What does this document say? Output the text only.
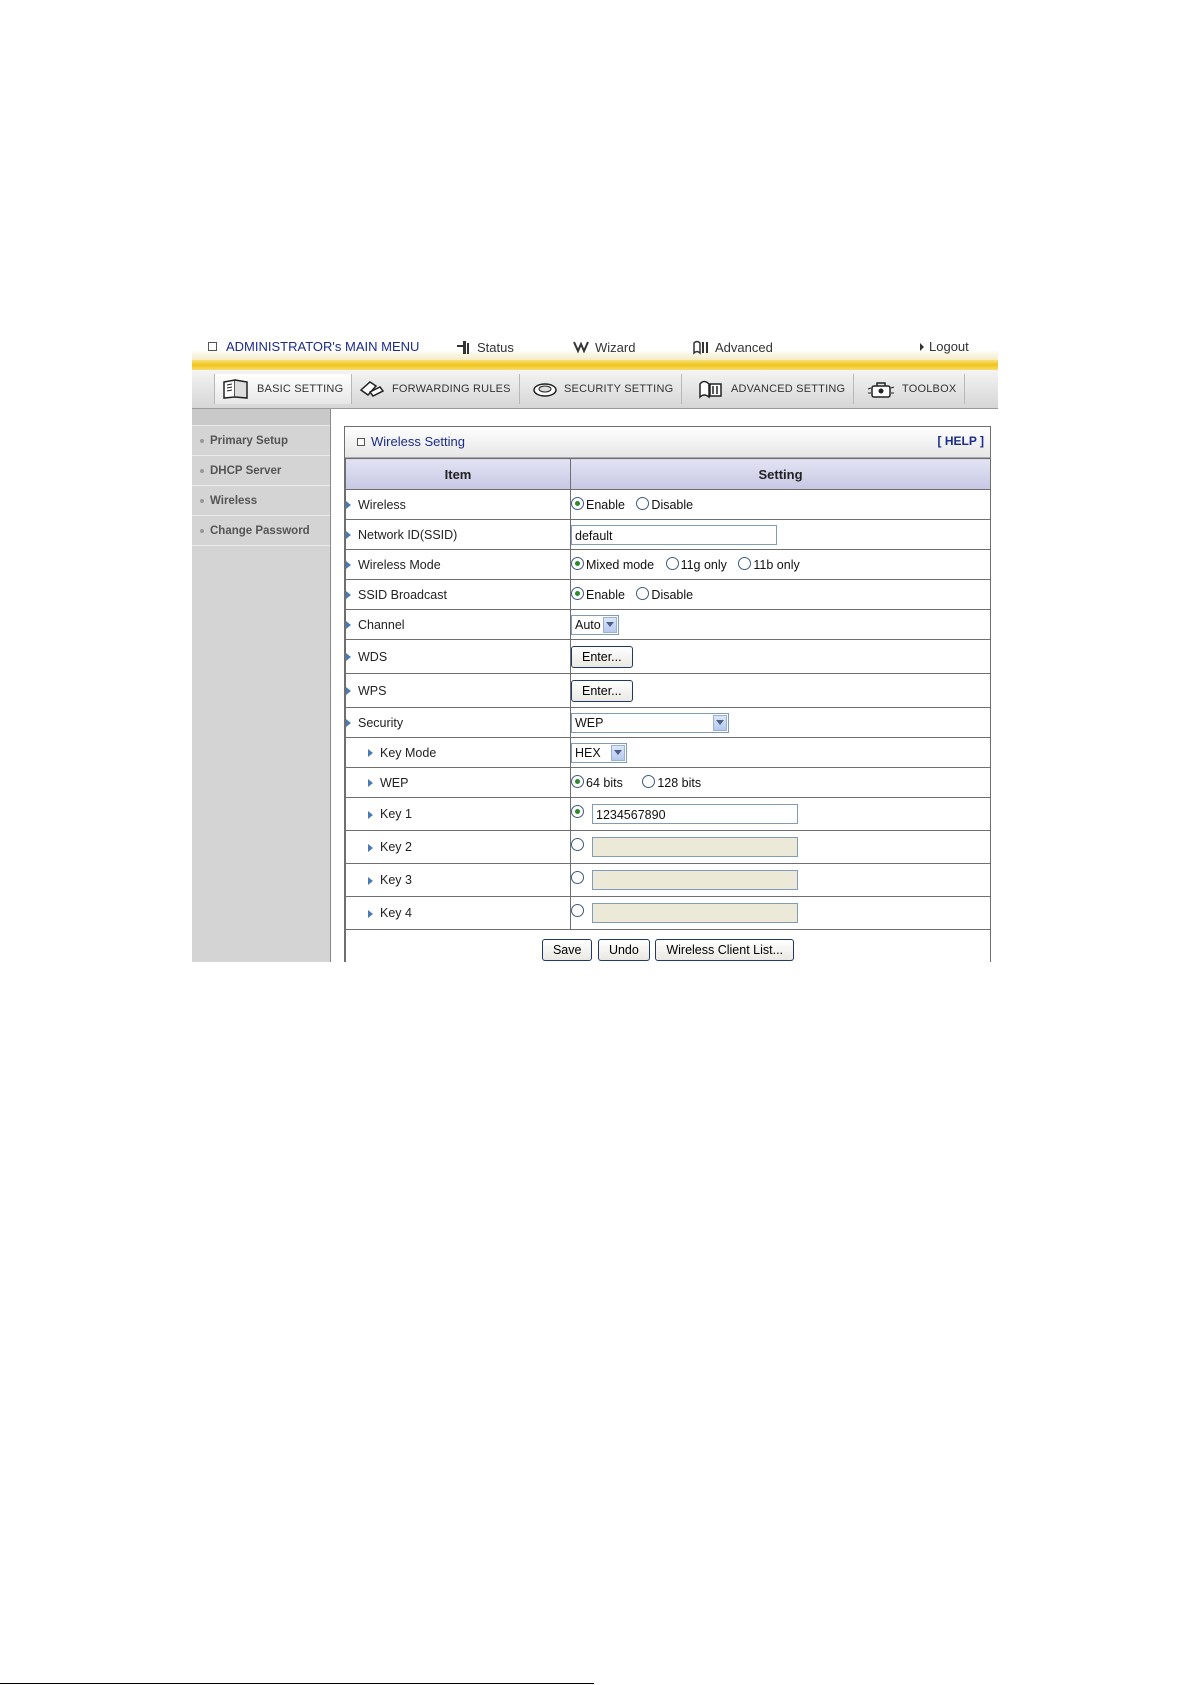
ADMINISTRATOR's MAIN MENU	Status	Wizard	Advanced	Logout
BASIC SETTING	FORWARDING RULES	SECURITY SETTING	ADVANCED SETTING	TOOLBOX
Primary Setup
DHCP Server
Wireless
Change Password
Wireless Setting	[ HELP ]
Item	Setting
Wireless	Enable Disable
Network ID(SSID)	default
Wireless Mode	Mixed mode 11g only 11b only
SSID Broadcast	Enable Disable
Channel	Auto

WDS	Enter...
WPS	Enter...
Security	WEP

Key Mode	HEX

WEP	64 bits 128 bits
Key 1	1234567890
Key 2	
Key 3	
Key 4	
Save Undo Wireless Client List...	
